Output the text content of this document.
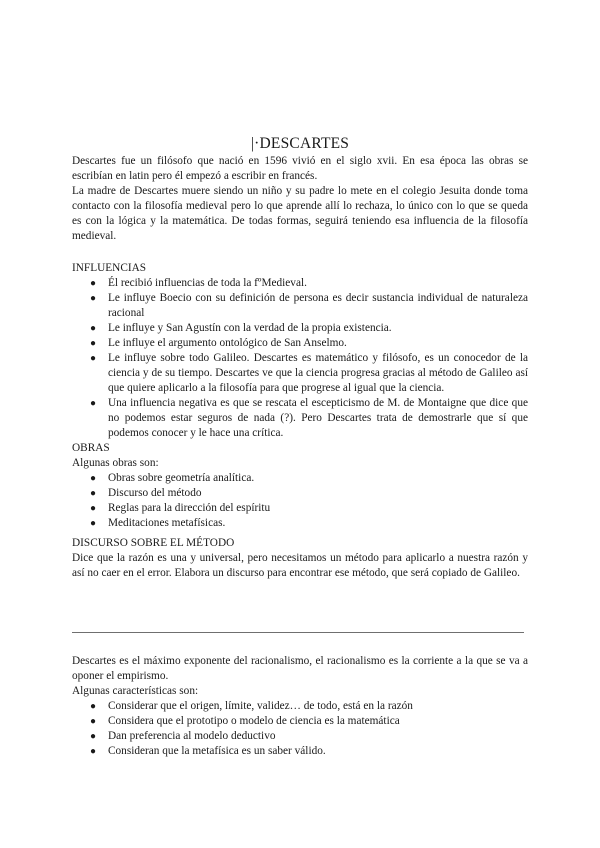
|·DESCARTES

Descartes fue un filósofo que nació en 1596 vivió en el siglo xvii. En esa época las obras se escribían en latin pero él empezó a escribir en francés.

La madre de Descartes muere siendo un niño y su padre lo mete en el colegio Jesuita donde toma contacto con la filosofía medieval pero lo que aprende allí lo rechaza, lo único con lo que se queda es con la lógica y la matemática. De todas formas, seguirá teniendo esa influencia de la filosofía medieval.

INFLUENCIAS
● Él recibió influencias de toda la fºMedieval.
● Le influye Boecio con su definición de persona es decir sustancia individual de naturaleza racional
● Le influye y San Agustín con la verdad de la propia existencia.
● Le influye el argumento ontológico de San Anselmo.
● Le influye sobre todo Galileo. Descartes es matemático y filósofo, es un conocedor de la ciencia y de su tiempo. Descartes ve que la ciencia progresa gracias al método de Galileo así que quiere aplicarlo a la filosofía para que progrese al igual que la ciencia.
● Una influencia negativa es que se rescata el escepticismo de M. de Montaigne que dice que no podemos estar seguros de nada (?). Pero Descartes trata de demostrarle que sí que podemos conocer y le hace una crítica.
OBRAS

Algunas obras son:

● Obras sobre geometría analítica.
● Discurso del método
● Reglas para la dirección del espíritu
● Meditaciones metafísicas.
DISCURSO SOBRE EL MÉTODO

Dice que la razón es una y universal, pero necesitamos un método para aplicarlo a nuestra razón y así no caer en el error. Elabora un discurso para encontrar ese método, que será copiado de Galileo.

Descartes es el máximo exponente del racionalismo, el racionalismo es la corriente a la que se va a oponer el empirismo.

Algunas características son:

● Considerar que el origen, límite, validez… de todo, está en la razón
● Considera que el prototipo o modelo de ciencia es la matemática
● Dan preferencia al modelo deductivo
● Consideran que la metafísica es un saber válido.
